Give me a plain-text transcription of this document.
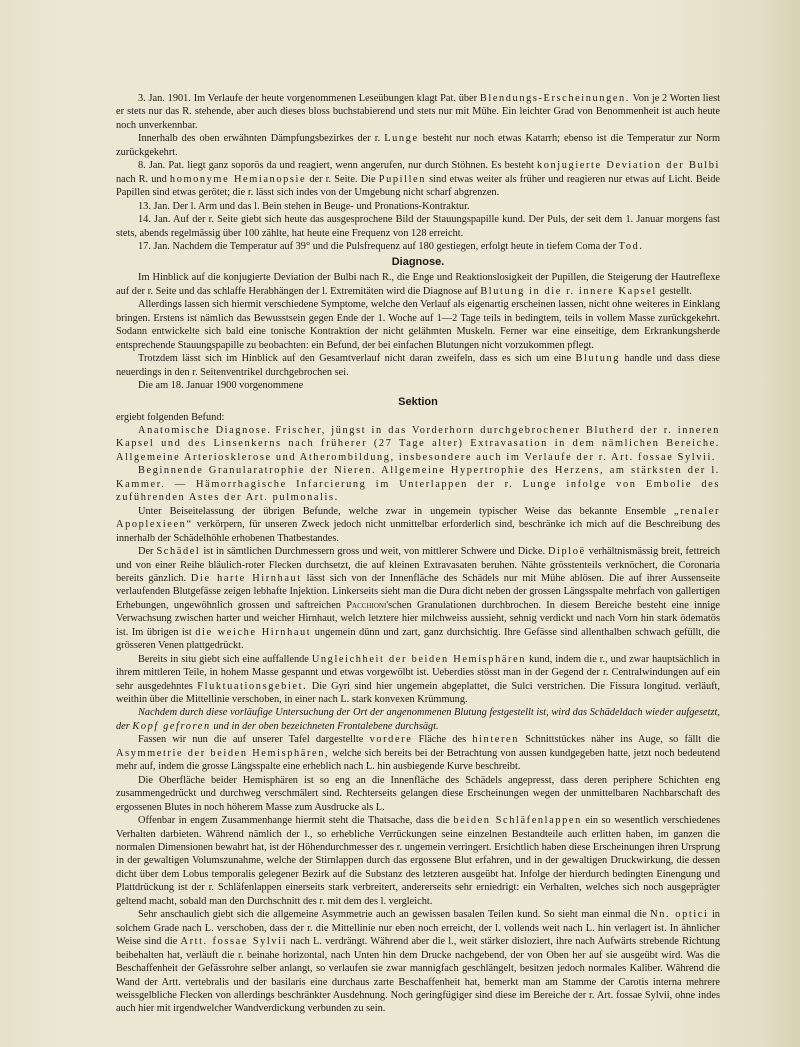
3. Jan. 1901. Im Verlaufe der heute vorgenommenen Leseübungen klagt Pat. über Blendungs-Erscheinungen. Von je 2 Worten liest er stets nur das R. stehende, aber auch dieses bloss buchstabierend und stets nur mit Mühe. Ein leichter Grad von Benommenheit ist auch heute noch unverkennbar.

Innerhalb des oben erwähnten Dämpfungsbezirkes der r. Lunge besteht nur noch etwas Katarrh; ebenso ist die Temperatur zur Norm zurückgekehrt.

8. Jan. Pat. liegt ganz soporös da und reagiert, wenn angerufen, nur durch Stöhnen. Es besteht konjugierte Deviation der Bulbi nach R. und homonyme Hemianopsie der r. Seite. Die Pupillen sind etwas weiter als früher und reagieren nur etwas auf Licht. Beide Papillen sind etwas gerötet; die r. lässt sich indes von der Umgebung nicht scharf abgrenzen.

13. Jan. Der l. Arm und das l. Bein stehen in Beuge- und Pronations-Kontraktur.

14. Jan. Auf der r. Seite giebt sich heute das ausgesprochene Bild der Stauungspapille kund. Der Puls, der seit dem 1. Januar morgens fast stets, abends regelmässig über 100 zählte, hat heute eine Frequenz von 128 erreicht.

17. Jan. Nachdem die Temperatur auf 39° und die Pulsfrequenz auf 180 gestiegen, erfolgt heute in tiefem Coma der Tod.

Diagnose.

Im Hinblick auf die konjugierte Deviation der Bulbi nach R., die Enge und Reaktionslosigkeit der Pupillen, die Steigerung der Hautreflexe auf der r. Seite und das schlaffe Herabhängen der l. Extremitäten wird die Diagnose auf Blutung in die r. innere Kapsel gestellt.

Allerdings lassen sich hiermit verschiedene Symptome, welche den Verlauf als eigenartig erscheinen lassen, nicht ohne weiteres in Einklang bringen. Erstens ist nämlich das Bewusstsein gegen Ende der 1. Woche auf 1—2 Tage teils in bedingtem, teils in vollem Masse zurückgekehrt. Sodann entwickelte sich bald eine tonische Kontraktion der nicht gelähmten Muskeln. Ferner war eine einseitige, dem Erkrankungsherde entsprechende Stauungspapille zu beobachten: ein Befund, der bei einfachen Blutungen nicht vorzukommen pflegt.

Trotzdem lässt sich im Hinblick auf den Gesamtverlauf nicht daran zweifeln, dass es sich um eine Blutung handle und dass diese neuerdings in den r. Seitenventrikel durchgebrochen sei.

Die am 18. Januar 1900 vorgenommene

Sektion

ergiebt folgenden Befund:

Anatomische Diagnose. Frischer, jüngst in das Vorderhorn durchgebrochener Blutherd der r. inneren Kapsel und des Linsenkerns nach früherer (27 Tage alter) Extravasation in dem nämlichen Bereiche. Allgemeine Arteriosklerose und Atherombildung, insbesondere auch im Verlaufe der r. Art. fossae Sylvii.

Beginnende Granularatrophie der Nieren. Allgemeine Hypertrophie des Herzens, am stärksten der l. Kammer. — Hämorrhagische Infarcierung im Unterlappen der r. Lunge infolge von Embolie des zuführenden Astes der Art. pulmonalis.

Unter Beiseitelassung der übrigen Befunde, welche zwar in ungemein typischer Weise das bekannte Ensemble „renaler Apoplexieen“ verkörpern, für unseren Zweck jedoch nicht unmittelbar erforderlich sind, beschränke ich mich auf die Beschreibung des innerhalb der Schädelhöhle erhobenen Thatbestandes.

Der Schädel ist in sämtlichen Durchmessern gross und weit, von mittlerer Schwere und Dicke. Diploë verhältnismässig breit, fettreich und von einer Reihe bläulich-roter Flecken durchsetzt, die auf kleinen Extravasaten beruhen. Nähte grösstenteils verknöchert, die Coronaria bereits gänzlich. Die harte Hirnhaut lässt sich von der Innenfläche des Schädels nur mit Mühe ablösen. Die auf ihrer Aussenseite verlaufenden Blutgefässe zeigen lebhafte Injektion. Linkerseits sieht man die Dura dicht neben der grossen Längsspalte mehrfach von gallertigen Erhebungen, ungewöhnlich grossen und saftreichen Pacchioni'schen Granulationen durchbrochen. In diesem Bereiche besteht eine innige Verwachsung zwischen harter und weicher Hirnhaut, welch letztere hier milchweiss aussieht, sehnig verdickt und nach Vorn hin stark ödematös ist. Im übrigen ist die weiche Hirnhaut ungemein dünn und zart, ganz durchsichtig. Ihre Gefässe sind allenthalben schwach gefüllt, die grösseren Venen plattgedrückt.

Bereits in situ giebt sich eine auffallende Ungleichheit der beiden Hemisphären kund, indem die r., und zwar hauptsächlich in ihrem mittleren Teile, in hohem Masse gespannt und etwas vorgewölbt ist. Ueberdies stösst man in der Gegend der r. Centralwindungen auf ein sehr ausgedehntes Fluktuationsgebiet. Die Gyri sind hier ungemein abgeplattet, die Sulci verstrichen. Die Fissura longitud. verläuft, weithin über die Mittellinie verschoben, in einer nach L. stark konvexen Krümmung.

Nachdem durch diese vorläufige Untersuchung der Ort der angenommenen Blutung festgestellt ist, wird das Schädeldach wieder aufgesetzt, der Kopf gefroren und in der oben bezeichneten Frontalebene durchsägt.

Fassen wir nun die auf unserer Tafel dargestellte vordere Fläche des hinteren Schnittstückes näher ins Auge, so fällt die Asymmetrie der beiden Hemisphären, welche sich bereits bei der Betrachtung von aussen kundgegeben hatte, jetzt noch bedeutend mehr auf, indem die grosse Längsspalte eine erheblich nach L. hin ausbiegende Kurve beschreibt.

Die Oberfläche beider Hemisphären ist so eng an die Innenfläche des Schädels angepresst, dass deren periphere Schichten eng zusammengedrückt und durchweg verschmälert sind. Rechterseits gelangen diese Erscheinungen wegen der unmittelbaren Nachbarschaft des ergossenen Blutes in noch höherem Masse zum Ausdrucke als L.

Offenbar in engem Zusammenhange hiermit steht die Thatsache, dass die beiden Schläfenlappen ein so wesentlich verschiedenes Verhalten darbieten. Während nämlich der l., so erhebliche Verrückungen seine einzelnen Bestandteile auch erlitten haben, im ganzen die normalen Dimensionen bewahrt hat, ist der Höhendurchmesser des r. ungemein verringert. Ersichtlich haben diese Erscheinungen ihren Ursprung in der gewaltigen Volumszunahme, welche der Stirnlappen durch das ergossene Blut erfahren, und in der gewaltigen Druckwirkung, die dessen dicht über dem Lobus temporalis gelegener Bezirk auf die Substanz des letzteren ausgeübt hat. Infolge der hierdurch bedingten Einengung und Plattdrückung ist der r. Schläfenlappen einerseits stark verbreitert, andererseits sehr erniedrigt: ein Verhalten, welches sich noch ausgeprägter geltend macht, sobald man den Durchschnitt des r. mit dem des l. vergleicht.

Sehr anschaulich giebt sich die allgemeine Asymmetrie auch an gewissen basalen Teilen kund. So sieht man einmal die Nn. optici in solchem Grade nach L. verschoben, dass der r. die Mittellinie nur eben noch erreicht, der l. vollends weit nach L. hin verlagert ist. In ähnlicher Weise sind die Artt. fossae Sylvii nach L. verdrängt. Während aber die l., weit stärker disloziert, ihre nach Aufwärts strebende Richtung beibehalten hat, verläuft die r. beinahe horizontal, nach Unten hin dem Drucke nachgebend, der von Oben her auf sie ausgeübt wird. Was die Beschaffenheit der Gefässrohre selber anlangt, so verlaufen sie zwar mannigfach geschlängelt, besitzen jedoch normales Kaliber. Während die Wand der Artt. vertebralis und der basilaris eine durchaus zarte Beschaffenheit hat, bemerkt man am Stamme der Carotis interna mehrere weissgelbliche Flecken von allerdings beschränkter Ausdehnung. Noch geringfügiger sind diese im Bereiche der r. Art. fossae Sylvii, ohne indes auch hier mit irgendwelcher Wandverdickung verbunden zu sein.
